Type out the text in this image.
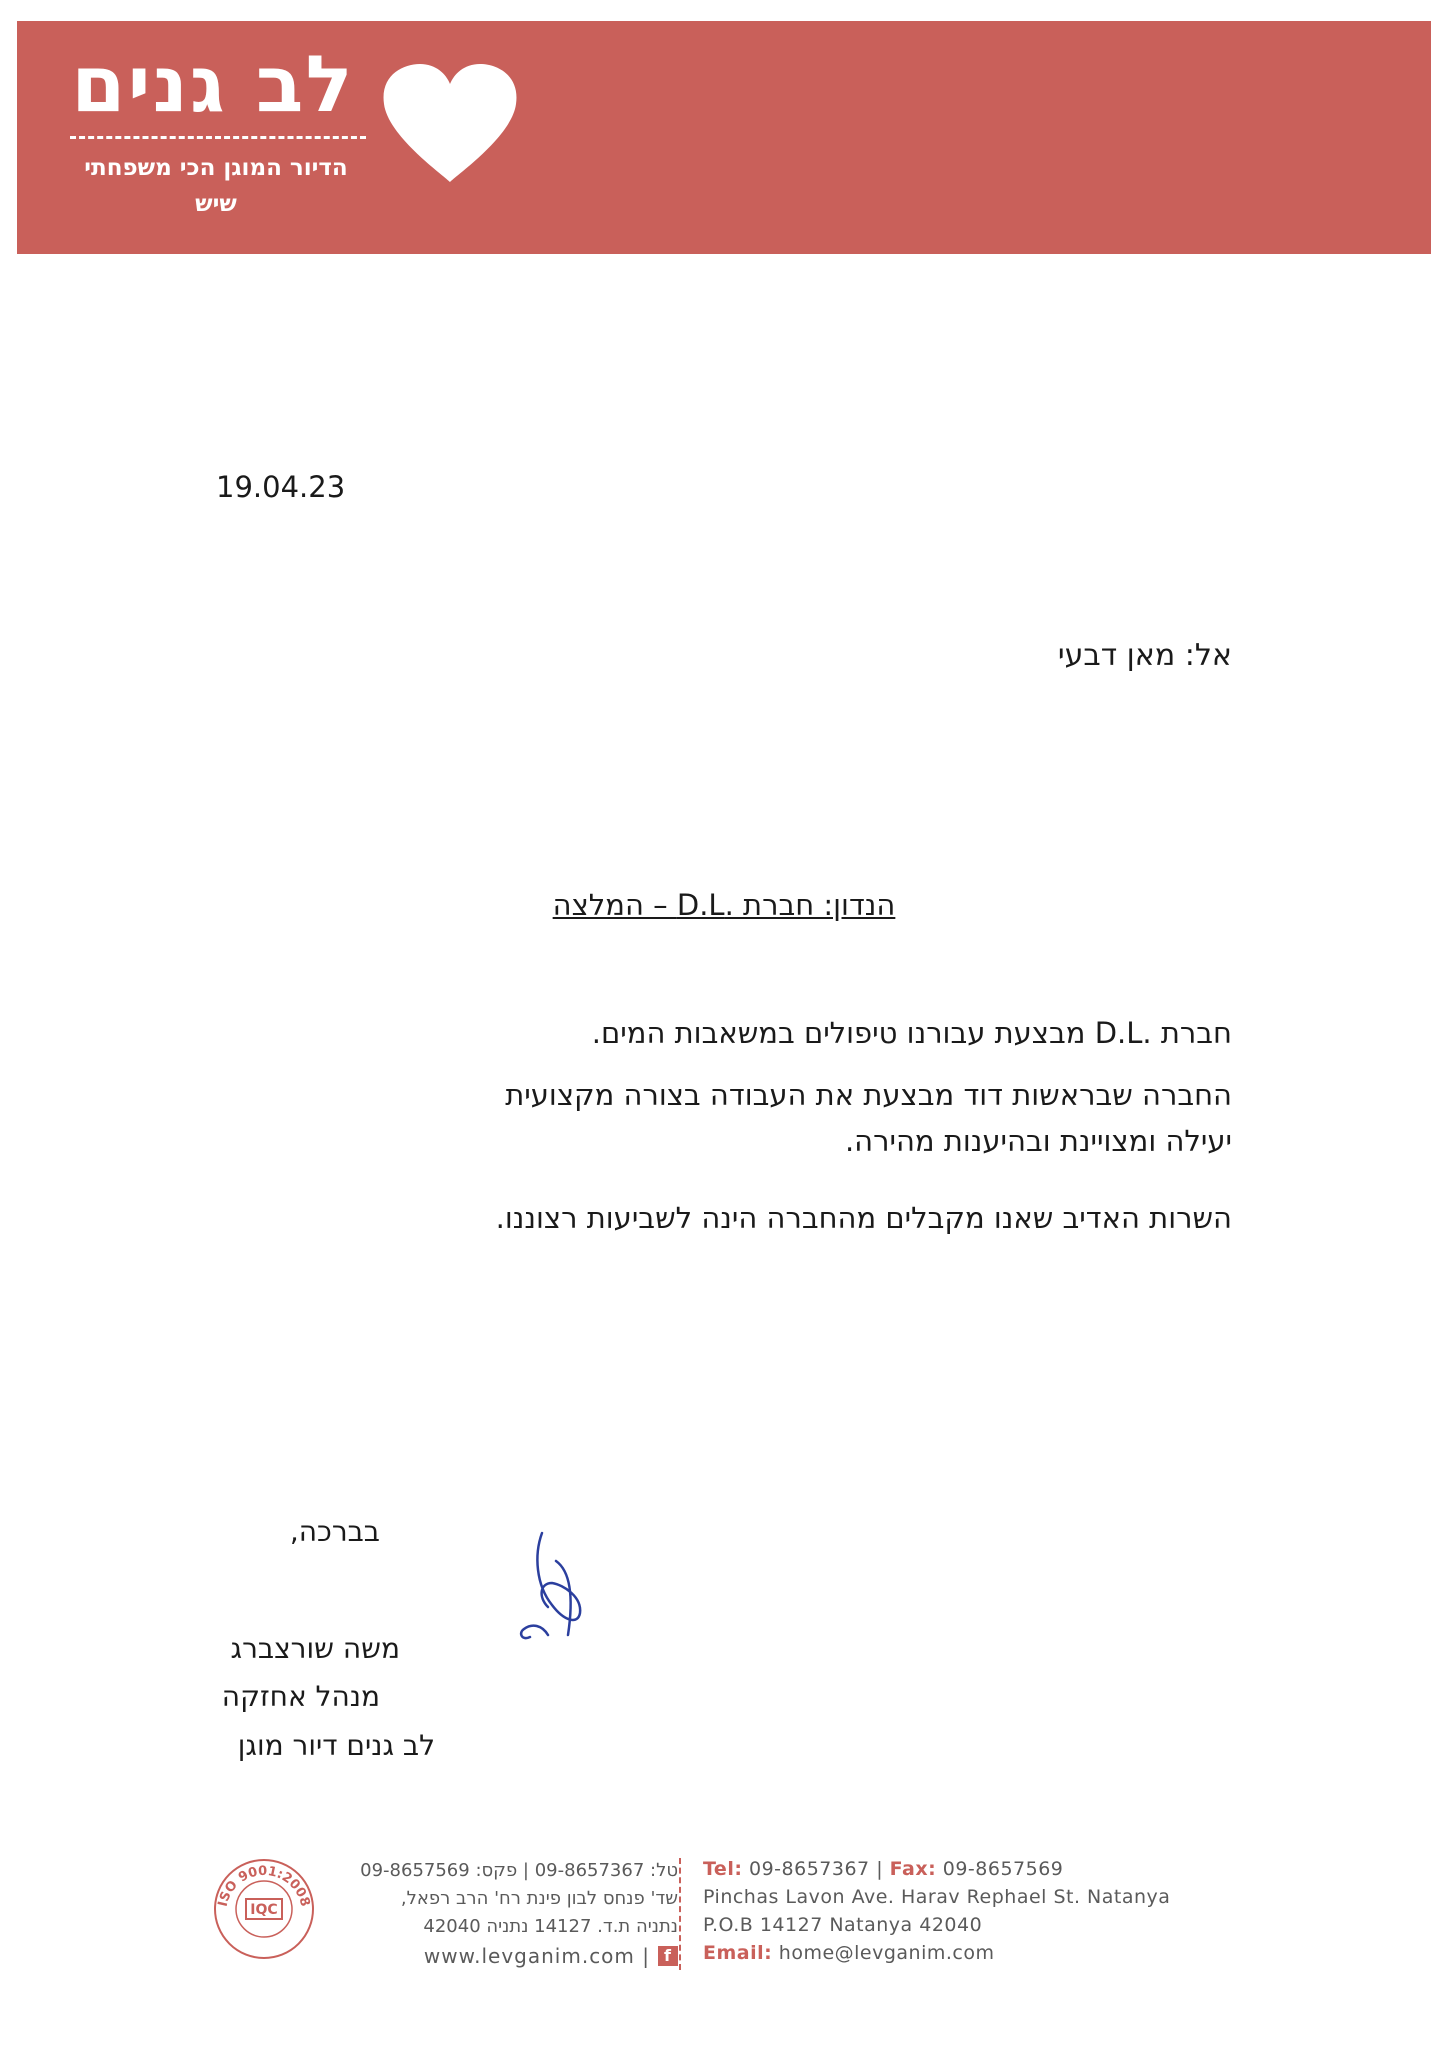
לב גנים
הדיור המוגן הכי משפחתי שיש
19.04.23
אל: מאן דבעי
הנדון: חברת .D.L – המלצה
חברת .D.L מבצעת עבורנו טיפולים במשאבות המים.
החברה שבראשות דוד מבצעת את העבודה בצורה מקצועית
יעילה ומצויינת ובהיענות מהירה.
השרות האדיב שאנו מקבלים מהחברה הינה לשביעות רצוננו.
בברכה,
משה שורצברג
מנהל אחזקה
לב גנים דיור מוגן
ISO 9001:2008
IQC
טל: 09-8657367 | פקס: 09-8657569
שד' פנחס לבון פינת רח' הרב רפאל,
נתניה ת.ד. 14127 נתניה 42040
www.levganim.com | f
Tel: 09-8657367 | Fax: 09-8657569
Pinchas Lavon Ave. Harav Rephael St. Natanya
P.O.B 14127 Natanya 42040
Email: home@levganim.com
